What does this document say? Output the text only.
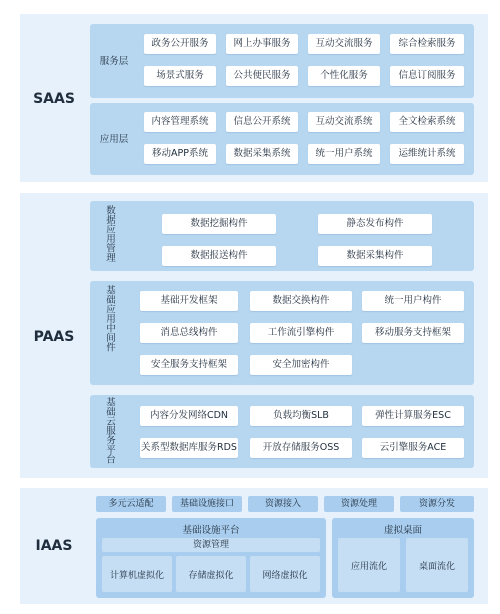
SAAS
服务层
政务公开服务	网上办事服务	互动交流服务	综合检索服务
场景式服务	公共便民服务	个性化服务	信息订阅服务
应用层
内容管理系统	信息公开系统	互动交流系统	全文检索系统
移动APP系统	数据采集系统	统一用户系统	运维统计系统
PAAS
数据应用管理	数据挖掘构件	静态发布构件
数据报送构件	数据采集构件
基础应用中间件	基础开发框架	数据交换构件	统一用户构件
消息总线构件	工作流引擎构件	移动服务支持框架
安全服务支持框架	安全加密构件
基础云服务平台	内容分发网络CDN	负载均衡SLB	弹性计算服务ESC
关系型数据库服务RDS	开放存储服务OSS	云引擎服务ACE
IAAS
多元云适配	基础设施接口	资源接入	资源处理	资源分发
基础设施平台
资源管理
计算机虚拟化	存储虚拟化	网络虚拟化
虚拟桌面
应用流化	桌面流化
